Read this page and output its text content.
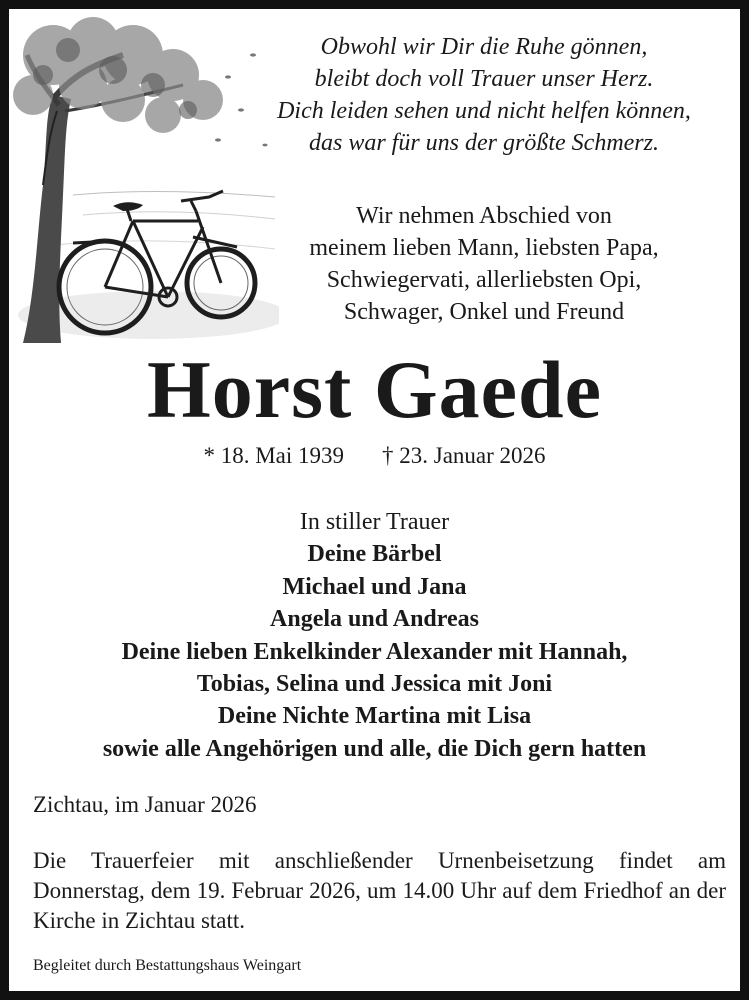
Obwohl wir Dir die Ruhe gönnen,
bleibt doch voll Trauer unser Herz.
Dich leiden sehen und nicht helfen können,
das war für uns der größte Schmerz.
Wir nehmen Abschied von
meinem lieben Mann, liebsten Papa,
Schwiegervati, allerliebsten Opi,
Schwager, Onkel und Freund
Horst Gaede
* 18. Mai 1939 † 23. Januar 2026
In stiller Trauer
Deine Bärbel
Michael und Jana
Angela und Andreas
Deine lieben Enkelkinder Alexander mit Hannah,
Tobias, Selina und Jessica mit Joni
Deine Nichte Martina mit Lisa
sowie alle Angehörigen und alle, die Dich gern hatten
Zichtau, im Januar 2026
Die Trauerfeier mit anschließender Urnenbeisetzung findet am Donnerstag, dem 19. Februar 2026, um 14.00 Uhr auf dem Friedhof an der Kirche in Zichtau statt.
Begleitet durch Bestattungshaus Weingart
